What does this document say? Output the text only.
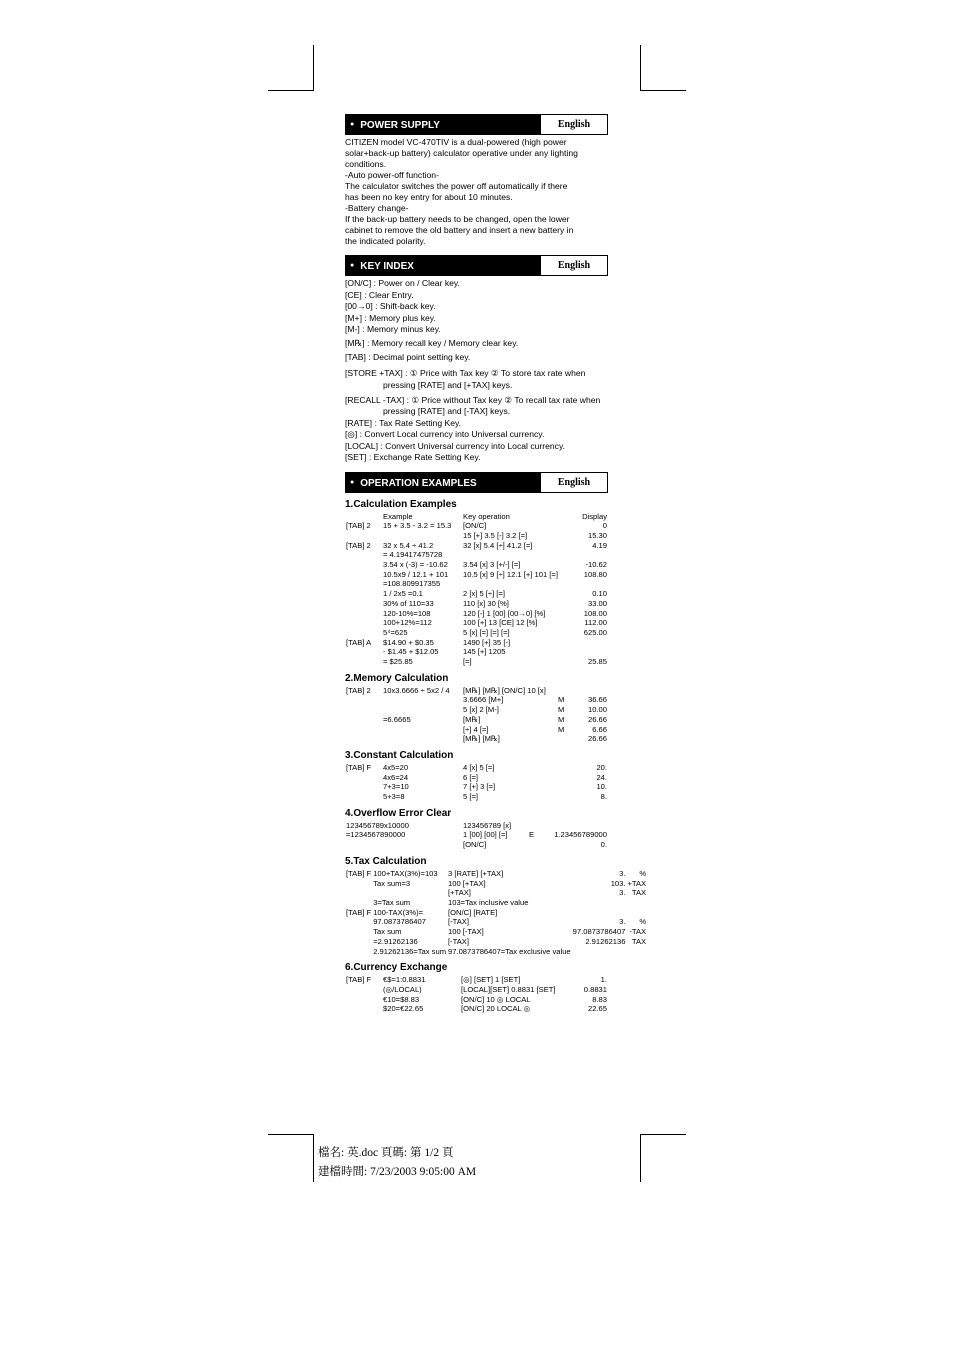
● POWER SUPPLY	English

CITIZEN model VC-470TIV is a dual-powered (high power

solar+back-up battery) calculator operative under any lighting

conditions.

-Auto power-off function-

The calculator switches the power off automatically if there

has been no key entry for about 10 minutes.

-Battery change-

If the back-up battery needs to be changed, open the lower

cabinet to remove the old battery and insert a new battery in

the indicated polarity.

● KEY INDEX	English

[ON/C] : Power on / Clear key.

[CE] : Clear Entry.

[00→0] : Shift-back key.

[M+] : Memory plus key.

[M-] : Memory minus key.

[M℞] : Memory recall key / Memory clear key.

[TAB] : Decimal point setting key.

[STORE +TAX] : ① Price with Tax key ② To store tax rate when

pressing [RATE] and [+TAX] keys.

[RECALL -TAX] : ① Price without Tax key ② To recall tax rate when

pressing [RATE] and [-TAX] keys.

[RATE] : Tax Rate Setting Key.

[◎] : Convert Local currency into Universal currency.

[LOCAL] : Convert Universal currency into Local currency.

[SET] : Exchange Rate Setting Key.

● OPERATION EXAMPLES	English
1.Calculation Examples
	Example	Key operation	Display
[TAB] 2	15 + 3.5 - 3.2 = 15.3	[ON/C]	0
		15 [+] 3.5 [-] 3.2 [=]	15.30
[TAB] 2	32 x 5.4 ÷ 41.2	32 [x] 5.4 [÷] 41.2 [=]	4.19
	= 4.19417475728		
	3.54 x (-3) = -10.62	3.54 [x] 3 [+/-] [=]	-10.62
	10.5x9 / 12.1 + 101	10.5 [x] 9 [÷] 12.1 [+] 101 [=]	108.80
	=108.809917355		
	1 / 2x5 =0.1	2 [x] 5 [÷] [=]	0.10
	30% of 110=33	110 [x] 30 [%]	33.00
	120-10%=108	120 [-] 1 [00] [00→0] [%]	108.00
	100+12%=112	100 [+] 13 [CE] 12 [%]	112.00
	5⁴=625	5 [x] [=] [=] [=]	625.00
[TAB] A	$14.90 + $0.35	1490 [+] 35 [-]	
	- $1.45 + $12.05	145 [+] 1205	
	= $25.85	[=]	25.85
2.Memory Calculation
[TAB] 2	10x3.6666 ÷ 5x2 / 4	[M℞] [M℞] [ON/C] 10 [x]		
		3.6666 [M+]	M	36.66
		5 [x] 2 [M-]	M	10.00
	=6.6665	[M℞]	M	26.66
		[÷] 4 [=]	M	6.66
		[M℞] [M℞]		26.66
3.Constant Calculation
[TAB] F	4x5=20	4 [x] 5 [=]	20.
	4x6=24	6 [=]	24.
	7+3=10	7 [+] 3 [=]	10.
	5+3=8	5 [=]	8.
4.Overflow Error Clear
123456789x10000	123456789 [x]		
=1234567890000	1 [00] [00] [=]	E	1.23456789000
	[ON/C]		0.
5.Tax Calculation
[TAB] F	100+TAX(3%)=103	3 [RATE] [+TAX]	3.	%
	Tax sum=3	100 [+TAX]	103.	+TAX
		[+TAX]	3.	TAX
	3=Tax sum	103=Tax inclusive value		
[TAB] F	100-TAX(3%)=	[ON/C] [RATE]		
	97.0873786407	[-TAX]	3.	%
	Tax sum	100 [-TAX]	97.0873786407	-TAX
	=2.91262136	[-TAX]	2.91262136	TAX
	2.91262136=Tax sum	97.0873786407=Tax exclusive value		
6.Currency Exchange
[TAB] F	€$=1:0.8831	[◎] [SET] 1 [SET]	1.
	(◎/LOCAL)	[LOCAL][SET] 0.8831 [SET]	0.8831
	€10=$8.83	[ON/C] 10 ◎ LOCAL	8.83
	$20=€22.65	[ON/C] 20 LOCAL ◎	22.65
檔名: 英.doc 頁碼: 第 1/2 頁
建檔時間: 7/23/2003 9:05:00 AM
